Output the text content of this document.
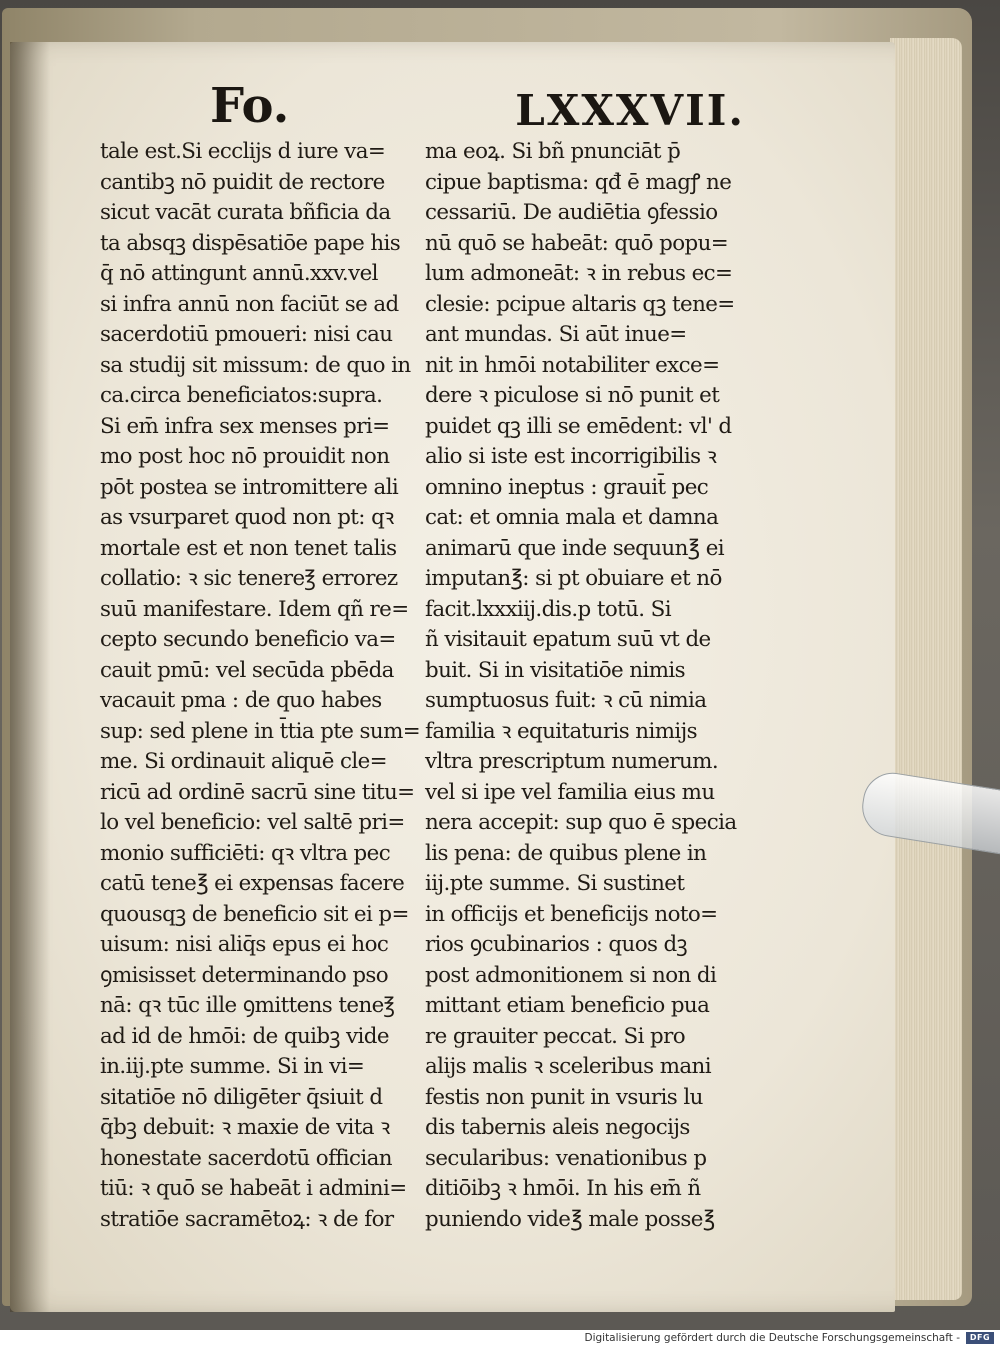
Fo.	LXXXVII.
tale est.Si ecclijs d iure va=
cantibꝫ nō puidit de rectore
sicut vacāt curata bñficia da
ta absqꝫ dispēsatiōe pape his
q̄ nō attingunt annū.xxv.vel
si infra annū non faciūt se ad
sacerdotiū pmoueri: nisi cau
sa studij sit missum: de quo in
ca.circa beneficiatos:supra.
Si em̄ infra sex menses pri=
mo post hoc nō prouidit non
pōt postea se intromittere ali
as vsurparet quod non pt: qꝛ
mortale est et non tenet talis
collatio: ꝛ sic tenere℥ errorez
suū manifestare. Idem qñ re=
cepto secundo beneficio va=
cauit pmū: vel secūda pbēda
vacauit pma : de quo habes
sup: sed plene in t̄tia pte sum=
me. Si ordinauit aliquē cle=
ricū ad ordinē sacrū sine titu=
lo vel beneficio: vel saltē pri=
monio sufficiēti: qꝛ vltra pec
catū tene℥ ei expensas facere
quousqꝫ de beneficio sit ei p=
uisum: nisi aliq̄s epus ei hoc
ꝯmisisset determinando pso
nā: qꝛ tūc ille ꝯmittens tene℥
ad id de hmōi: de quibꝫ vide
in.iij.pte summe. Si in vi=
sitatiōe nō diligēter q̄siuit d
q̄bꝫ debuit: ꝛ maxie de vita ꝛ
honestate sacerdotū offician
tiū: ꝛ quō se habeāt i admini=
stratiōe sacramētoꝝ: ꝛ de for
ma eoꝝ. Si bñ pnunciāt p̄
cipue baptisma: qđ ē magꝭ ne
cessariū. De audiētia ꝯfessio
nū quō se habeāt: quō popu=
lum admoneāt: ꝛ in rebus ec=
clesie: pcipue altaris qꝫ tene=
ant mundas. Si aūt inue=
nit in hmōi notabiliter exce=
dere ꝛ piculose si nō punit et
puidet qꝫ illi se emēdent: vl' d
alio si iste est incorrigibilis ꝛ
omnino ineptus : grauit̄ pec
cat: et omnia mala et damna
animarū que inde sequun℥ ei
imputan℥: si pt obuiare et nō
facit.lxxxiij.dis.p totū. Si
ñ visitauit epatum suū vt de
buit. Si in visitatiōe nimis
sumptuosus fuit: ꝛ cū nimia
familia ꝛ equitaturis nimijs
vltra prescriptum numerum.
vel si ipe vel familia eius mu
nera accepit: sup quo ē specia
lis pena: de quibus plene in
iij.pte summe. Si sustinet
in officijs et beneficijs noto=
rios ꝯcubinarios : quos dꝫ
post admonitionem si non di
mittant etiam beneficio pua
re grauiter peccat. Si pro
alijs malis ꝛ sceleribus mani
festis non punit in vsuris lu
dis tabernis aleis negocijs
secularibus: venationibus p
ditiōibꝫ ꝛ hmōi. In his em̄ ñ
puniendo vide℥ male posse℥
Digitalisierung gefördert durch die Deutsche Forschungsgemeinschaft -	DFG
